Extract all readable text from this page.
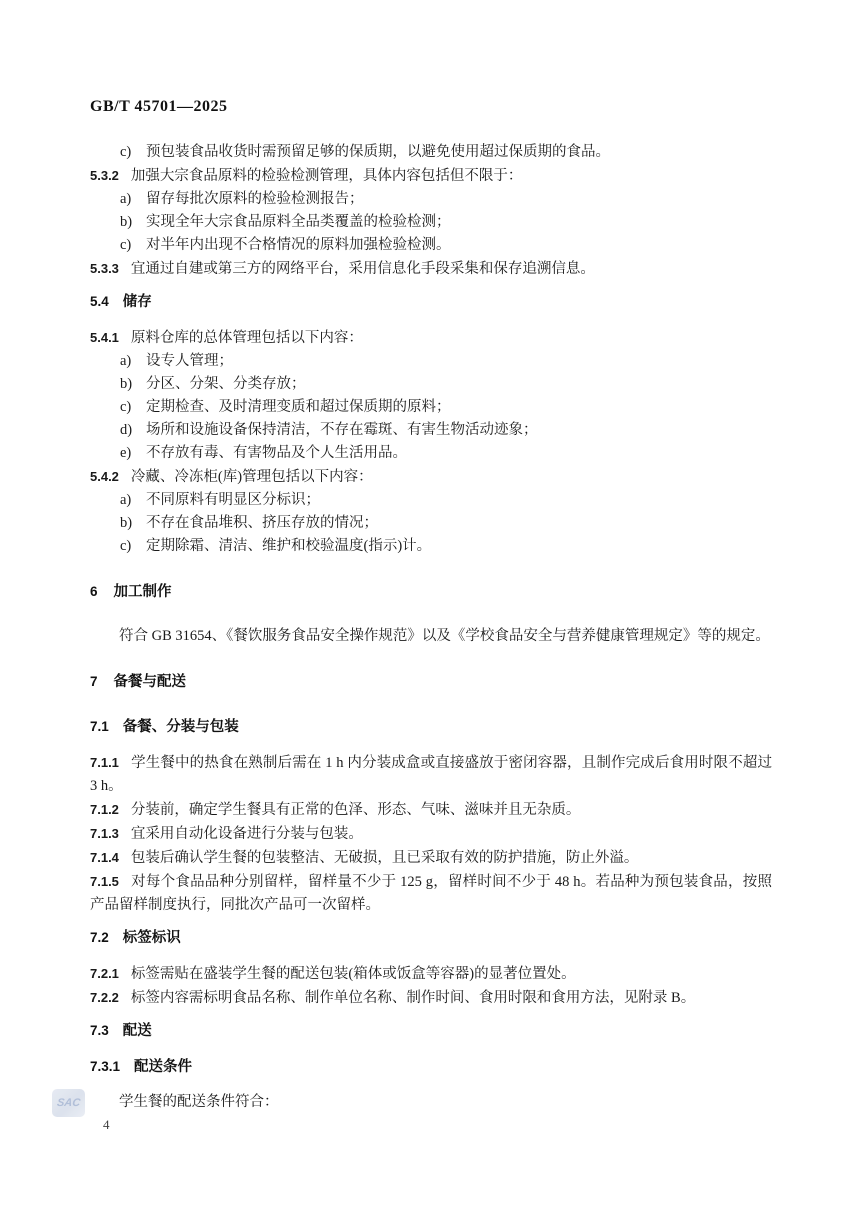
GB/T 45701—2025
c)	预包装食品收货时需预留足够的保质期，以避免使用超过保质期的食品。
5.3.2 加强大宗食品原料的检验检测管理，具体内容包括但不限于：
a)	留存每批次原料的检验检测报告；
b) 实现全年大宗食品原料全品类覆盖的检验检测；
c)	对半年内出现不合格情况的原料加强检验检测。
5.3.3 宜通过自建或第三方的网络平台，采用信息化手段采集和保存追溯信息。
5.4 储存
5.4.1 原料仓库的总体管理包括以下内容：
a)	设专人管理；
b) 分区、分架、分类存放；
c)	定期检查、及时清理变质和超过保质期的原料；
d) 场所和设施设备保持清洁，不存在霉斑、有害生物活动迹象；
e)	不存放有毒、有害物品及个人生活用品。
5.4.2 冷藏、冷冻柜(库)管理包括以下内容：
a)	不同原料有明显区分标识；
b) 不存在食品堆积、挤压存放的情况；
c)	定期除霜、清洁、维护和校验温度(指示)计。
6 加工制作
符合 GB 31654、《餐饮服务食品安全操作规范》以及《学校食品安全与营养健康管理规定》等的规定。
7 备餐与配送
7.1 备餐、分装与包装
7.1.1 学生餐中的热食在熟制后需在 1 h 内分装成盒或直接盛放于密闭容器，且制作完成后食用时限不超过 3 h。
7.1.2 分装前，确定学生餐具有正常的色泽、形态、气味、滋味并且无杂质。
7.1.3 宜采用自动化设备进行分装与包装。
7.1.4 包装后确认学生餐的包装整洁、无破损，且已采取有效的防护措施，防止外溢。
7.1.5 对每个食品品种分别留样，留样量不少于 125 g，留样时间不少于 48 h。若品种为预包装食品，按照产品留样制度执行，同批次产品可一次留样。
7.2 标签标识
7.2.1 标签需贴在盛装学生餐的配送包装(箱体或饭盒等容器)的显著位置处。
7.2.2 标签内容需标明食品名称、制作单位名称、制作时间、食用时限和食用方法，见附录 B。
7.3 配送
7.3.1 配送条件
学生餐的配送条件符合：
SAC
4
